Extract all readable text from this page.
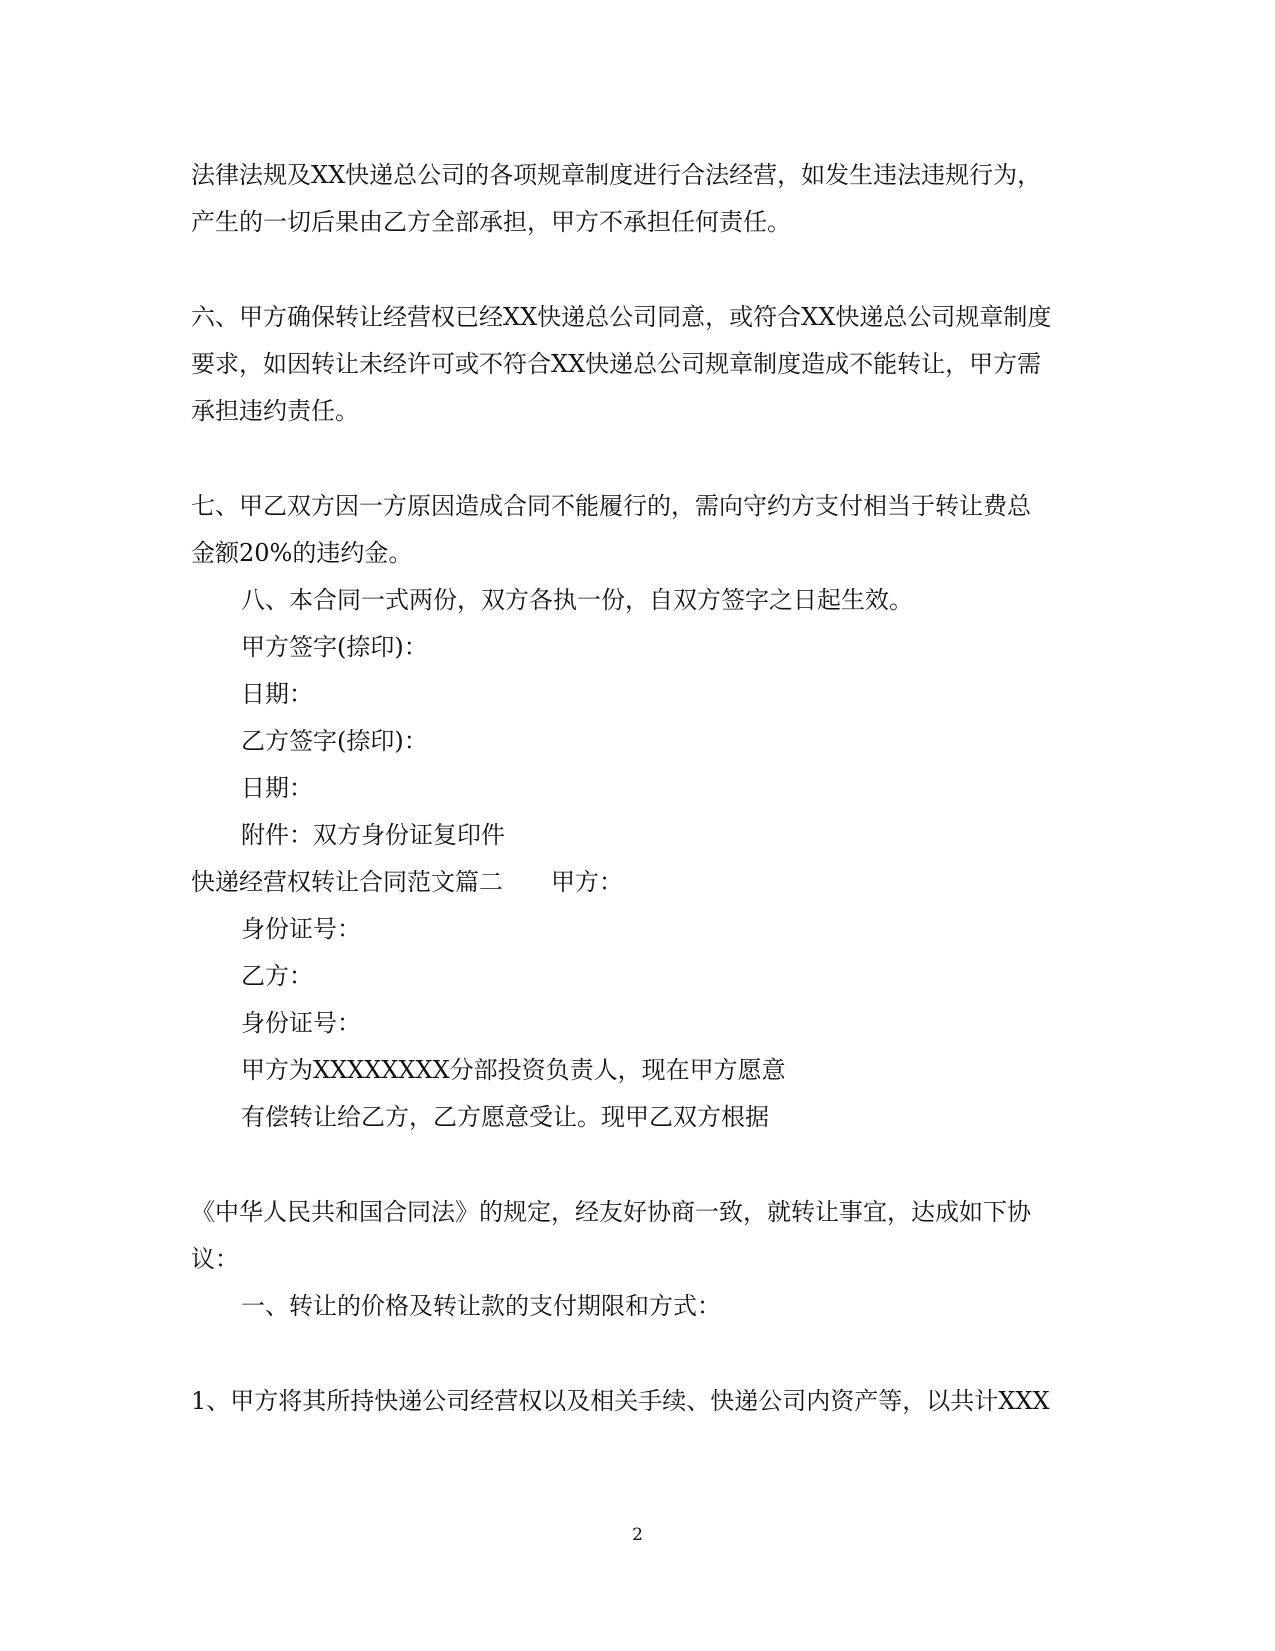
法律法规及XX快递总公司的各项规章制度进行合法经营，如发生违法违规行为，
产生的一切后果由乙方全部承担，甲方不承担任何责任。
六、甲方确保转让经营权已经XX快递总公司同意，或符合XX快递总公司规章制度
要求，如因转让未经许可或不符合XX快递总公司规章制度造成不能转让，甲方需
承担违约责任。
七、甲乙双方因一方原因造成合同不能履行的，需向守约方支付相当于转让费总
金额20%的违约金。
八、本合同一式两份，双方各执一份，自双方签字之日起生效。
甲方签字(捺印)：
日期：
乙方签字(捺印)：
日期：
附件：双方身份证复印件
快递经营权转让合同范文篇二 甲方：
身份证号：
乙方：
身份证号：
甲方为XXXXXXXX分部投资负责人，现在甲方愿意
有偿转让给乙方，乙方愿意受让。现甲乙双方根据
《中华人民共和国合同法》的规定，经友好协商一致，就转让事宜，达成如下协
议：
一、转让的价格及转让款的支付期限和方式：
1、甲方将其所持快递公司经营权以及相关手续、快递公司内资产等，以共计XXX
2
